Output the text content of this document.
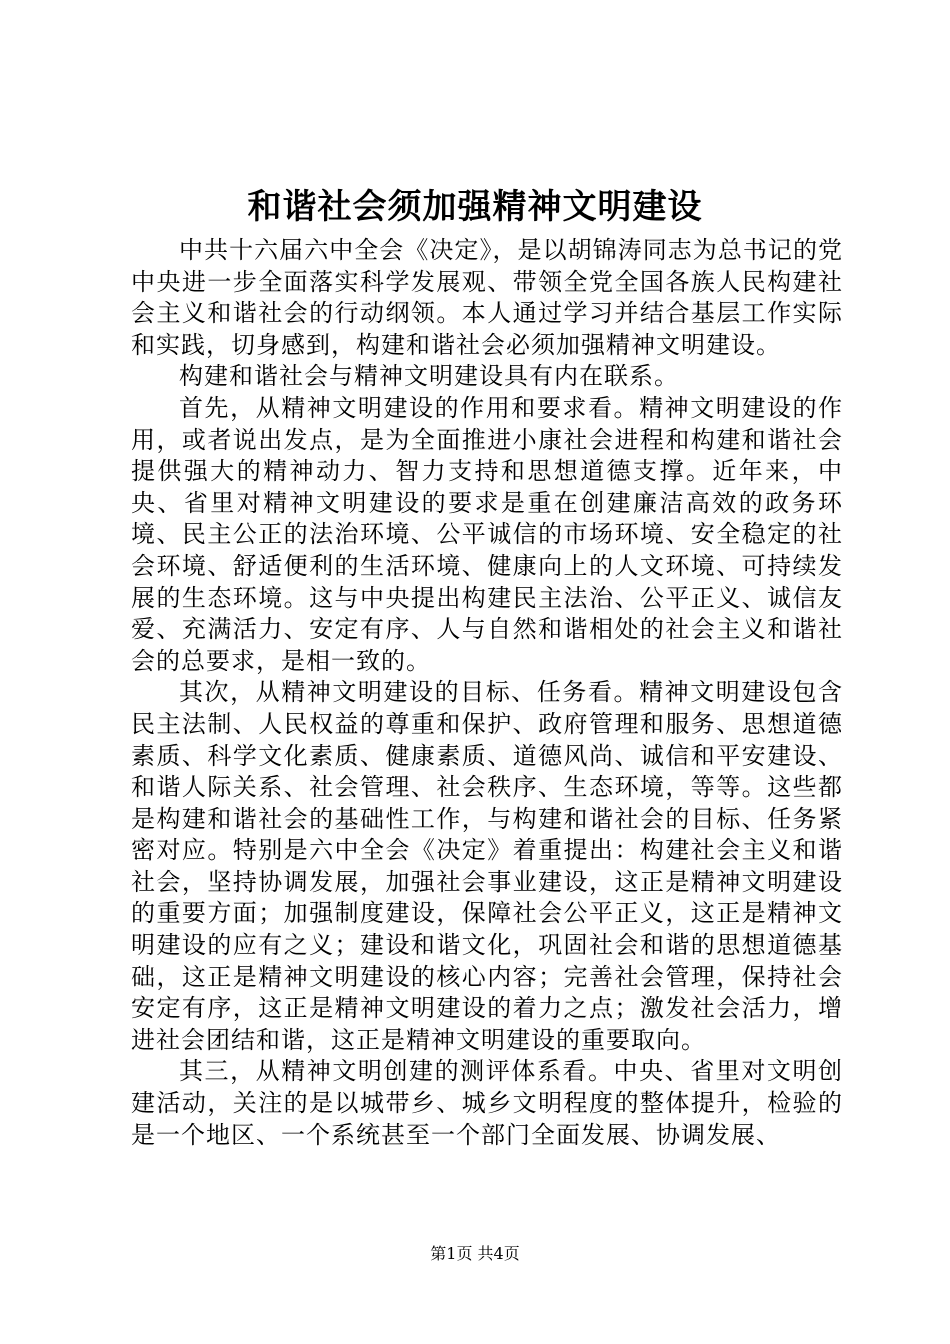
和谐社会须加强精神文明建设

中共十六届六中全会《决定》，是以胡锦涛同志为总书记的党中央进一步全面落实科学发展观、带领全党全国各族人民构建社会主义和谐社会的行动纲领。本人通过学习并结合基层工作实际和实践，切身感到，构建和谐社会必须加强精神文明建设。

构建和谐社会与精神文明建设具有内在联系。

首先，从精神文明建设的作用和要求看。精神文明建设的作用，或者说出发点，是为全面推进小康社会进程和构建和谐社会提供强大的精神动力、智力支持和思想道德支撑。近年来，中央、省里对精神文明建设的要求是重在创建廉洁高效的政务环境、民主公正的法治环境、公平诚信的市场环境、安全稳定的社会环境、舒适便利的生活环境、健康向上的人文环境、可持续发展的生态环境。这与中央提出构建民主法治、公平正义、诚信友爱、充满活力、安定有序、人与自然和谐相处的社会主义和谐社会的总要求，是相一致的。

其次，从精神文明建设的目标、任务看。精神文明建设包含民主法制、人民权益的尊重和保护、政府管理和服务、思想道德素质、科学文化素质、健康素质、道德风尚、诚信和平安建设、和谐人际关系、社会管理、社会秩序、生态环境，等等。这些都是构建和谐社会的基础性工作，与构建和谐社会的目标、任务紧密对应。特别是六中全会《决定》着重提出：构建社会主义和谐社会，坚持协调发展，加强社会事业建设，这正是精神文明建设的重要方面；加强制度建设，保障社会公平正义，这正是精神文明建设的应有之义；建设和谐文化，巩固社会和谐的思想道德基础，这正是精神文明建设的核心内容；完善社会管理，保持社会安定有序，这正是精神文明建设的着力之点；激发社会活力，增进社会团结和谐，这正是精神文明建设的重要取向。

其三，从精神文明创建的测评体系看。中央、省里对文明创建活动，关注的是以城带乡、城乡文明程度的整体提升，检验的是一个地区、一个系统甚至一个部门全面发展、协调发展、

第1页 共4页
